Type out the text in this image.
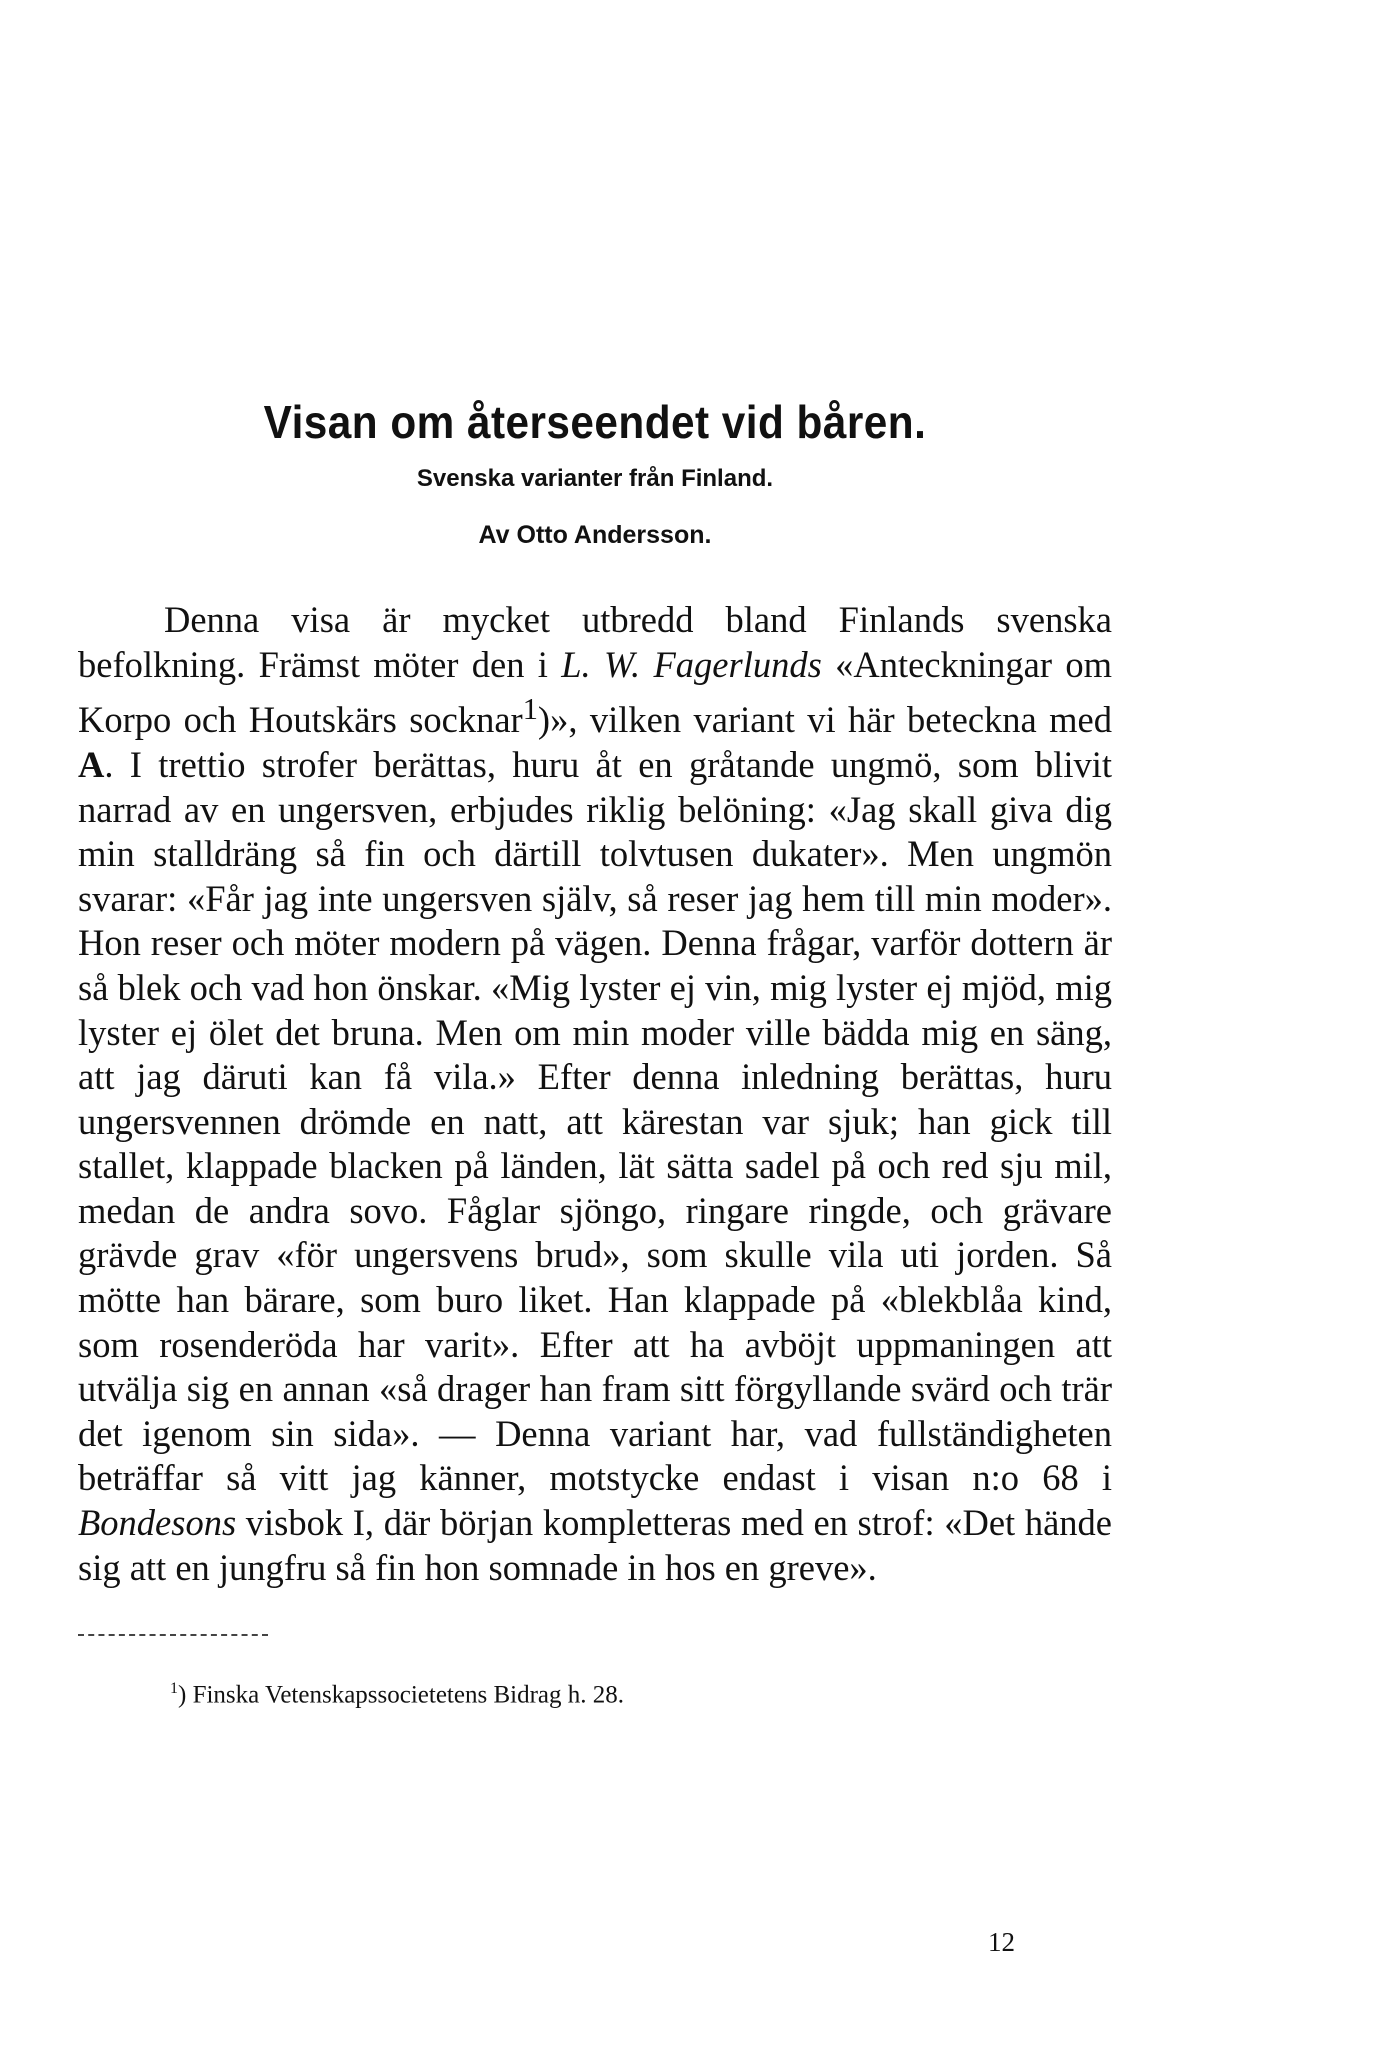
Visan om återseendet vid båren.
Svenska varianter från Finland.
Av Otto Andersson.

Denna visa är mycket utbredd bland Finlands svenska befolkning. Främst möter den i L. W. Fagerlunds «Anteckningar om Korpo och Houtskärs socknar$^1$)», vilken variant vi här beteckna med A. I trettio strofer berättas, huru åt en gråtande ungmö, som blivit narrad av en ungersven, erbjudes riklig belöning: «Jag skall giva dig min stalldräng så fin och därtill tolvtusen dukater». Men ungmön svarar: «Får jag inte ungersven själv, så reser jag hem till min moder». Hon reser och möter modern på vägen. Denna frågar, varför dottern är så blek och vad hon önskar. «Mig lyster ej vin, mig lyster ej mjöd, mig lyster ej ölet det bruna. Men om min moder ville bädda mig en säng, att jag däruti kan få vila.» Efter denna inledning berättas, huru ungersvennen drömde en natt, att kärestan var sjuk; han gick till stallet, klappade blacken på länden, lät sätta sadel på och red sju mil, medan de andra sovo. Fåglar sjöngo, ringare ringde, och grävare grävde grav «för ungersvens brud», som skulle vila uti jorden. Så mötte han bärare, som buro liket. Han klappade på «blekblåa kind, som rosenderöda har varit». Efter att ha avböjt uppmaningen att utvälja sig en annan «så drager han fram sitt förgyllande svärd och trär det igenom sin sida». — Denna variant har, vad fullständigheten beträffar så vitt jag känner, motstycke endast i visan n:o 68 i Bondesons visbok I, där början kompletteras med en strof: «Det hände sig att en jungfru så fin hon somnade in hos en greve».

$^1$) Finska Vetenskapssocietetens Bidrag h. 28.
12
